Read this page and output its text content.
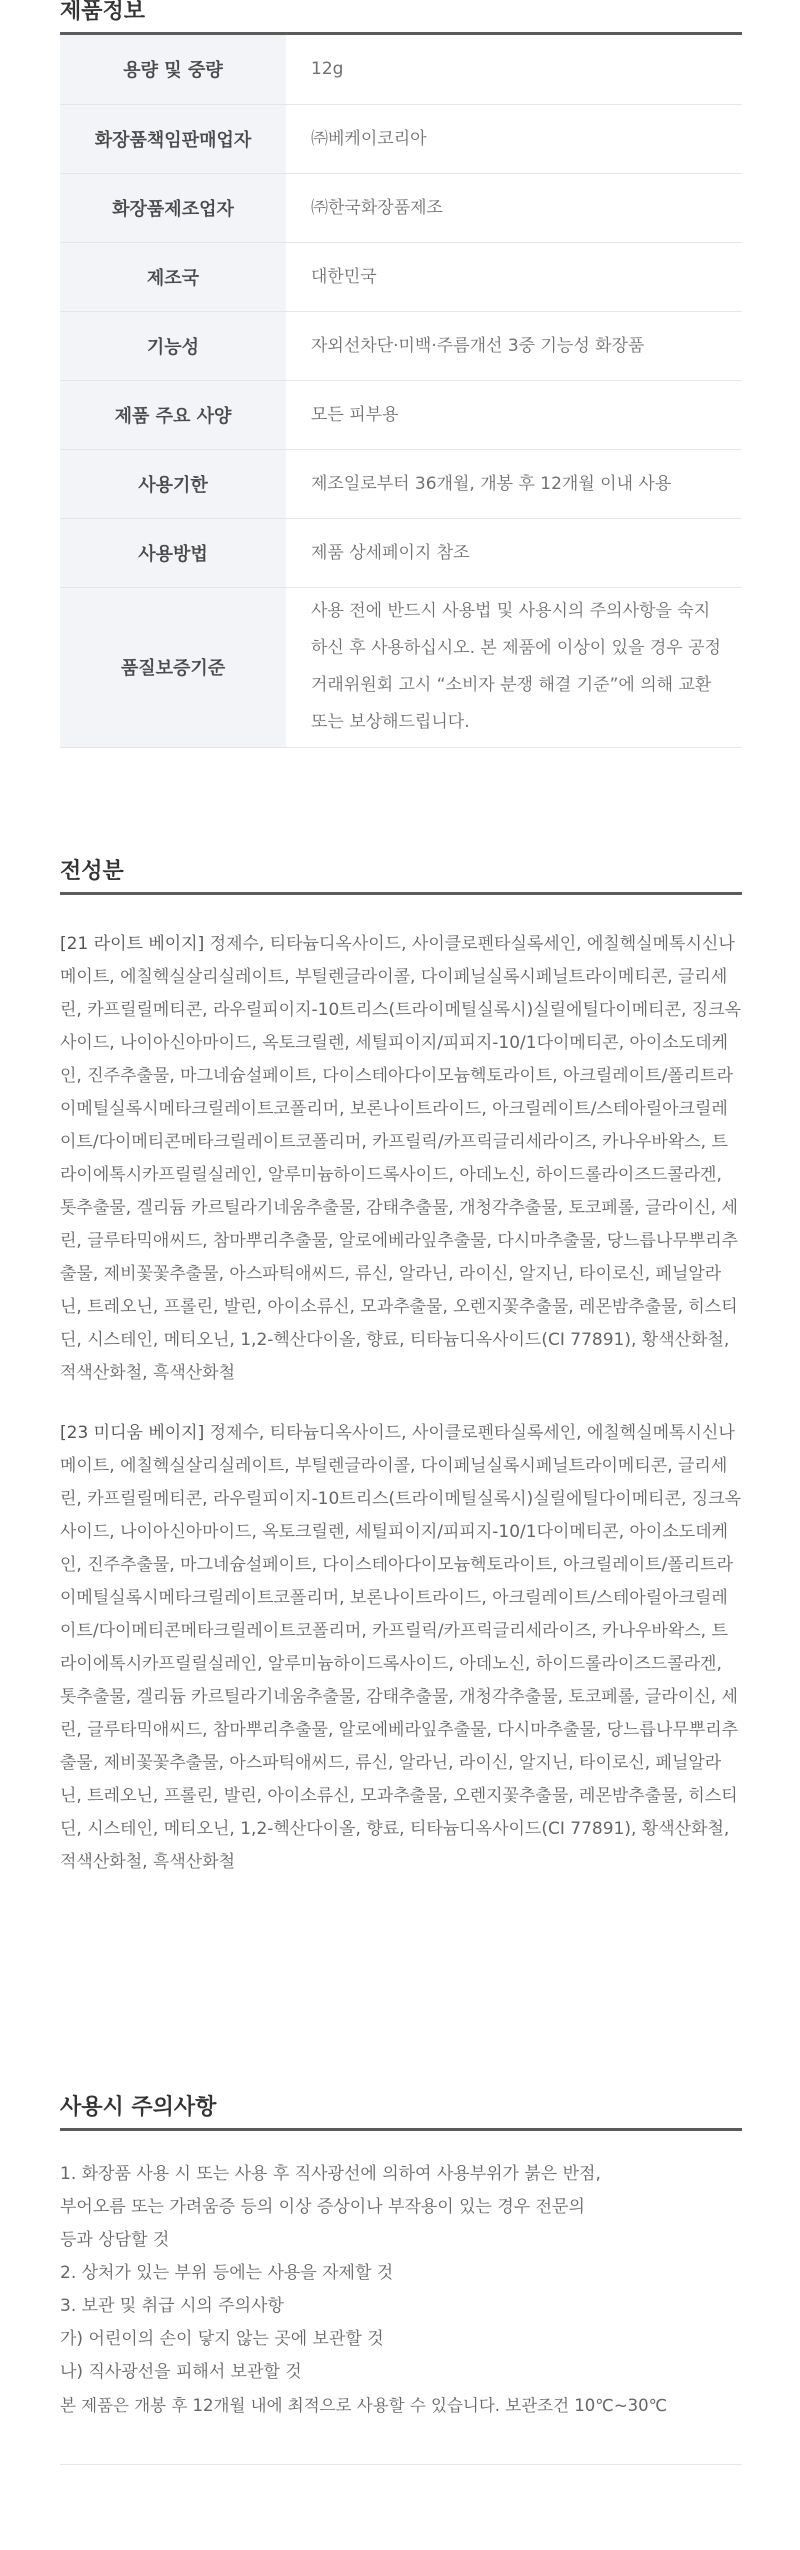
제품정보
용량 및 중량	12g
화장품책임판매업자	㈜베케이코리아
화장품제조업자	㈜한국화장품제조
제조국	대한민국
기능성	자외선차단·미백·주름개선 3중 기능성 화장품
제품 주요 사양	모든 피부용
사용기한	제조일로부터 36개월, 개봉 후 12개월 이내 사용
사용방법	제품 상세페이지 참조
품질보증기준	사용 전에 반드시 사용법 및 사용시의 주의사항을 숙지 하신 후 사용하십시오. 본 제품에 이상이 있을 경우 공정 거래위원회 고시 “소비자 분쟁 해결 기준”에 의해 교환 또는 보상해드립니다.
전성분

[21 라이트 베이지] 정제수, 티타늄디옥사이드, 사이클로펜타실록세인, 에칠헥실메톡시신나메이트, 에칠헥실살리실레이트, 부틸렌글라이콜, 다이페닐실록시페닐트라이메티콘, 글리세린, 카프릴릴메티콘, 라우릴피이지-10트리스(트라이메틸실록시)실릴에틸다이메티콘, 징크옥사이드, 나이아신아마이드, 옥토크릴렌, 세틸피이지/피피지-10/1다이메티콘, 아이소도데케인, 진주추출물, 마그네슘설페이트, 다이스테아다이모늄헥토라이트, 아크릴레이트/폴리트라이메틸실록시메타크릴레이트코폴리머, 보론나이트라이드, 아크릴레이트/스테아릴아크릴레이트/다이메티콘메타크릴레이트코폴리머, 카프릴릭/카프릭글리세라이즈, 카나우바왁스, 트라이에톡시카프릴릴실레인, 알루미늄하이드록사이드, 아데노신, 하이드롤라이즈드콜라겐, 톳추출물, 겔리듐 카르틸라기네움추출물, 감태추출물, 개청각추출물, 토코페롤, 글라이신, 세린, 글루타믹애씨드, 참마뿌리추출물, 알로에베라잎추출물, 다시마추출물, 당느릅나무뿌리추출물, 제비꽃꽃추출물, 아스파틱애씨드, 류신, 알라닌, 라이신, 알지닌, 타이로신, 페닐알라닌, 트레오닌, 프롤린, 발린, 아이소류신, 모과추출물, 오렌지꽃추출물, 레몬밤추출물, 히스티딘, 시스테인, 메티오닌, 1,2-헥산다이올, 향료, 티타늄디옥사이드(CI 77891), 황색산화철, 적색산화철, 흑색산화철

[23 미디움 베이지] 정제수, 티타늄디옥사이드, 사이클로펜타실록세인, 에칠헥실메톡시신나메이트, 에칠헥실살리실레이트, 부틸렌글라이콜, 다이페닐실록시페닐트라이메티콘, 글리세린, 카프릴릴메티콘, 라우릴피이지-10트리스(트라이메틸실록시)실릴에틸다이메티콘, 징크옥사이드, 나이아신아마이드, 옥토크릴렌, 세틸피이지/피피지-10/1다이메티콘, 아이소도데케인, 진주추출물, 마그네슘설페이트, 다이스테아다이모늄헥토라이트, 아크릴레이트/폴리트라이메틸실록시메타크릴레이트코폴리머, 보론나이트라이드, 아크릴레이트/스테아릴아크릴레이트/다이메티콘메타크릴레이트코폴리머, 카프릴릭/카프릭글리세라이즈, 카나우바왁스, 트라이에톡시카프릴릴실레인, 알루미늄하이드록사이드, 아데노신, 하이드롤라이즈드콜라겐, 톳추출물, 겔리듐 카르틸라기네움추출물, 감태추출물, 개청각추출물, 토코페롤, 글라이신, 세린, 글루타믹애씨드, 참마뿌리추출물, 알로에베라잎추출물, 다시마추출물, 당느릅나무뿌리추출물, 제비꽃꽃추출물, 아스파틱애씨드, 류신, 알라닌, 라이신, 알지닌, 타이로신, 페닐알라닌, 트레오닌, 프롤린, 발린, 아이소류신, 모과추출물, 오렌지꽃추출물, 레몬밤추출물, 히스티딘, 시스테인, 메티오닌, 1,2-헥산다이올, 향료, 티타늄디옥사이드(CI 77891), 황색산화철, 적색산화철, 흑색산화철

사용시 주의사항
1. 화장품 사용 시 또는 사용 후 직사광선에 의하여 사용부위가 붉은 반점,
부어오름 또는 가려움증 등의 이상 증상이나 부작용이 있는 경우 전문의
등과 상담할 것
2. 상처가 있는 부위 등에는 사용을 자제할 것
3. 보관 및 취급 시의 주의사항
가) 어린이의 손이 닿지 않는 곳에 보관할 것
나) 직사광선을 피해서 보관할 것
본 제품은 개봉 후 12개월 내에 최적으로 사용할 수 있습니다. 보관조건 10℃~30℃
